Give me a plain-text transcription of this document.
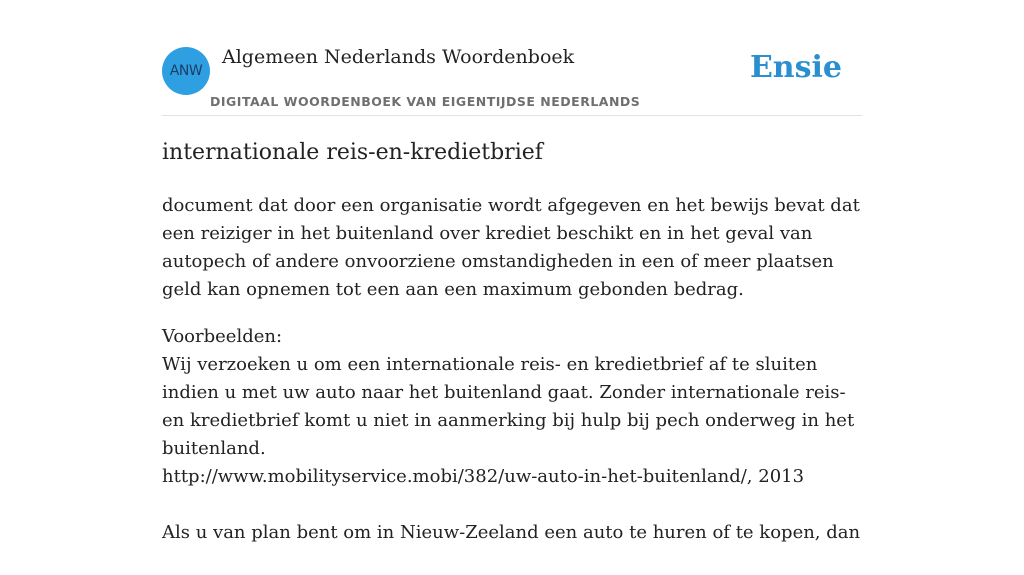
ANW
Algemeen Nederlands Woordenboek
DIGITAAL WOORDENBOEK VAN EIGENTIJDSE NEDERLANDS
Ensie
internationale reis-en-kredietbrief

document dat door een organisatie wordt afgegeven en het bewijs bevat dat een reiziger in het buitenland over krediet beschikt en in het geval van autopech of andere onvoorziene omstandigheden in een of meer plaatsen geld kan opnemen tot een aan een maximum gebonden bedrag.

Voorbeelden:

Wij verzoeken u om een internationale reis- en kredietbrief af te sluiten indien u met uw auto naar het buitenland gaat. Zonder internationale reis- en kredietbrief komt u niet in aanmerking bij hulp bij pech onderweg in het buitenland.
http://www.mobilityservice.mobi/382/uw-auto-in-het-buitenland/, 2013

Als u van plan bent om in Nieuw-Zeeland een auto te huren of te kopen, dan
